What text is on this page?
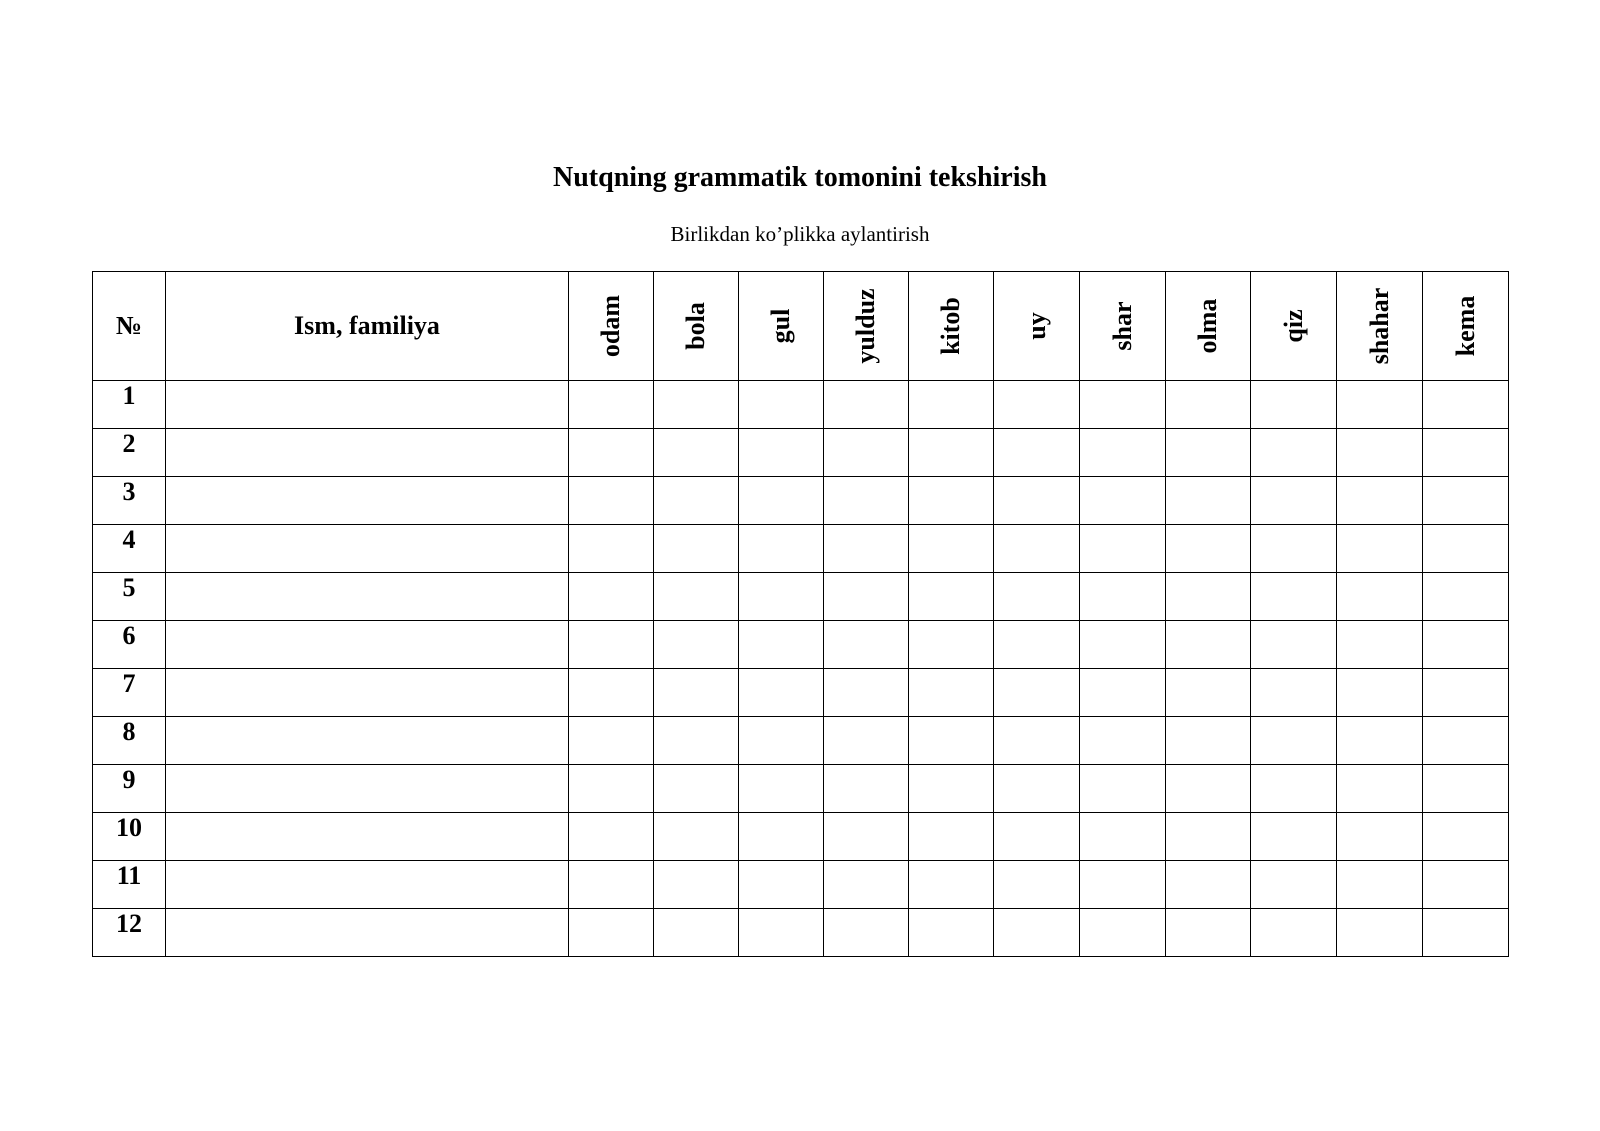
Nutqning grammatik tomonini tekshirish
Birlikdan ko’plikka aylantirish
№	Ism, familiya	odam	bola	gul	yulduz	kitob	uy	shar	olma	qiz	shahar	kema

1												
2												
3												
4												
5												
6												
7												
8												
9												
10												
11												
12												
